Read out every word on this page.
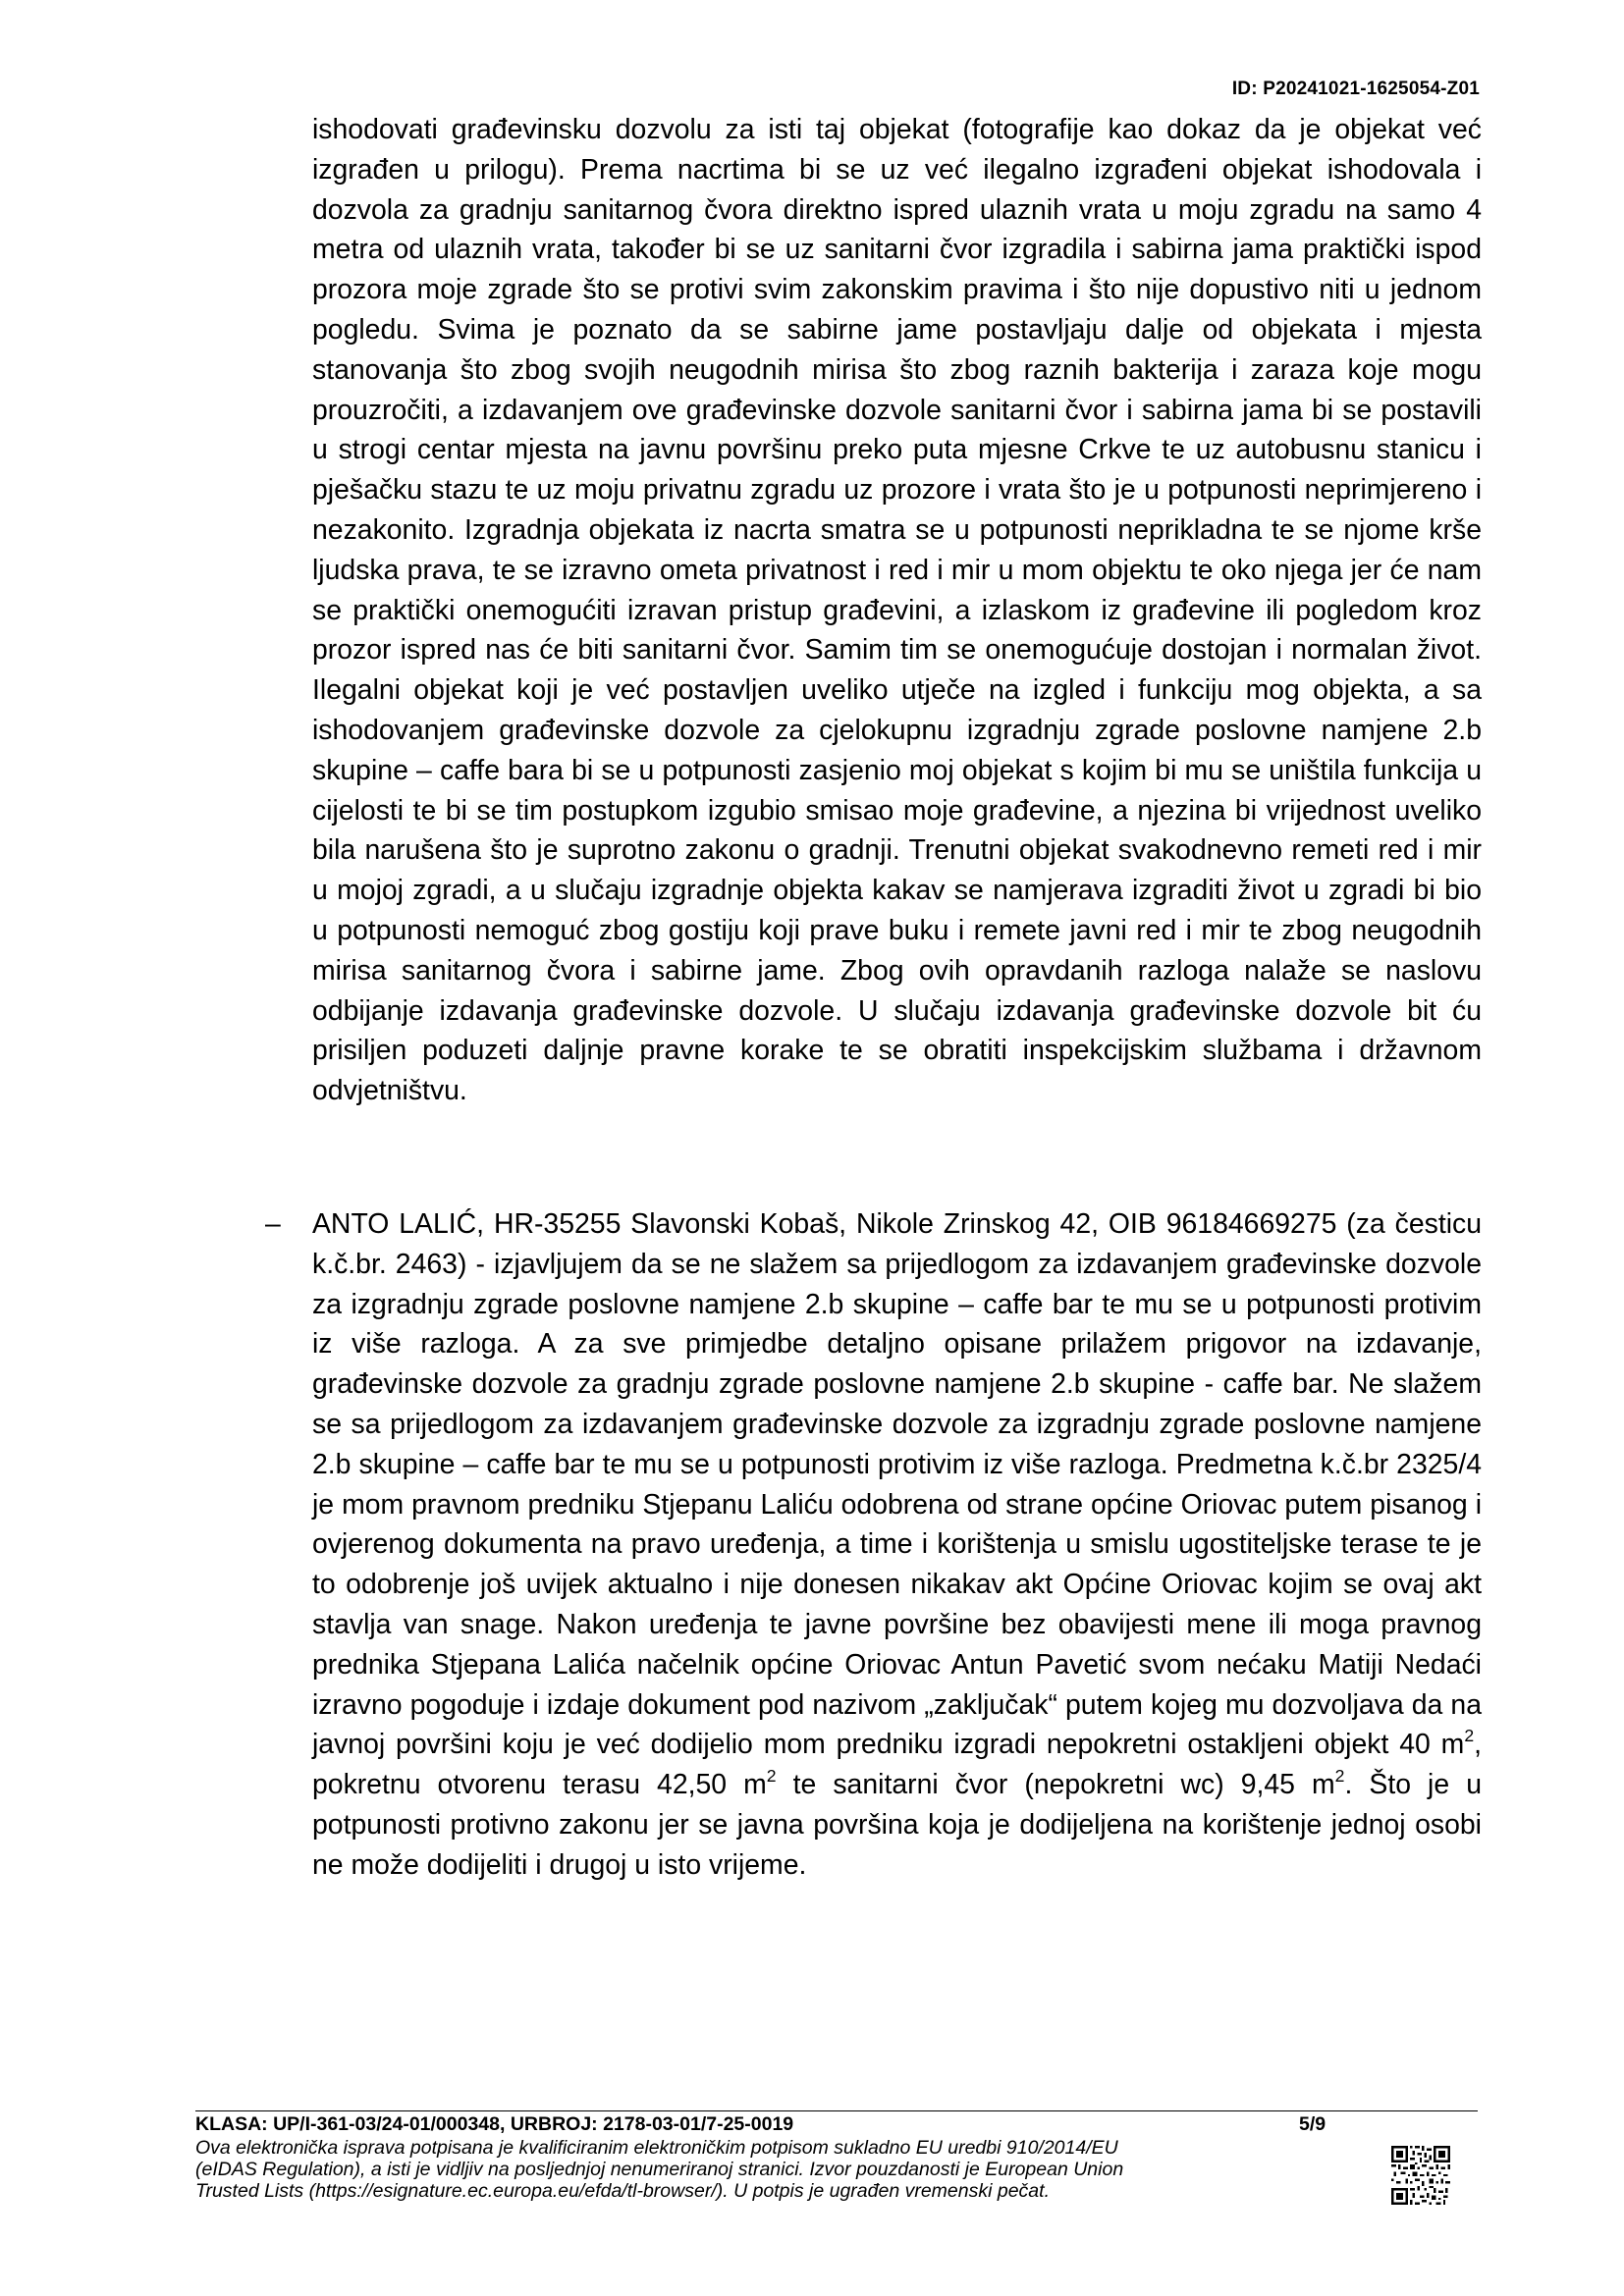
ID: P20241021-1625054-Z01

ishodovati građevinsku dozvolu za isti taj objekat (fotografije kao dokaz da je objekat već izgrađen u prilogu). Prema nacrtima bi se uz već ilegalno izgrađeni objekat ishodovala i dozvola za gradnju sanitarnog čvora direktno ispred ulaznih vrata u moju zgradu na samo 4 metra od ulaznih vrata, također bi se uz sanitarni čvor izgradila i sabirna jama praktički ispod prozora moje zgrade što se protivi svim zakonskim pravima i što nije dopustivo niti u jednom pogledu. Svima je poznato da se sabirne jame postavljaju dalje od objekata i mjesta stanovanja što zbog svojih neugodnih mirisa što zbog raznih bakterija i zaraza koje mogu prouzročiti, a izdavanjem ove građevinske dozvole sanitarni čvor i sabirna jama bi se postavili u strogi centar mjesta na javnu površinu preko puta mjesne Crkve te uz autobusnu stanicu i pješačku stazu te uz moju privatnu zgradu uz prozore i vrata što je u potpunosti neprimjereno i nezakonito. Izgradnja objekata iz nacrta smatra se u potpunosti neprikladna te se njome krše ljudska prava, te se izravno ometa privatnost i red i mir u mom objektu te oko njega jer će nam se praktički onemogućiti izravan pristup građevini, a izlaskom iz građevine ili pogledom kroz prozor ispred nas će biti sanitarni čvor. Samim tim se onemogućuje dostojan i normalan život. Ilegalni objekat koji je već postavljen uveliko utječe na izgled i funkciju mog objekta, a sa ishodovanjem građevinske dozvole za cjelokupnu izgradnju zgrade poslovne namjene 2.b skupine – caffe bara bi se u potpunosti zasjenio moj objekat s kojim bi mu se uništila funkcija u cijelosti te bi se tim postupkom izgubio smisao moje građevine, a njezina bi vrijednost uveliko bila narušena što je suprotno zakonu o gradnji. Trenutni objekat svakodnevno remeti red i mir u mojoj zgradi, a u slučaju izgradnje objekta kakav se namjerava izgraditi život u zgradi bi bio u potpunosti nemoguć zbog gostiju koji prave buku i remete javni red i mir te zbog neugodnih mirisa sanitarnog čvora i sabirne jame. Zbog ovih opravdanih razloga nalaže se naslovu odbijanje izdavanja građevinske dozvole. U slučaju izdavanja građevinske dozvole bit ću prisiljen poduzeti daljnje pravne korake te se obratiti inspekcijskim službama i državnom odvjetništvu.

–	ANTO LALIĆ, HR-35255 Slavonski Kobaš, Nikole Zrinskog 42, OIB 96184669275 (za česticu k.č.br. 2463) - izjavljujem da se ne slažem sa prijedlogom za izdavanjem građevinske dozvole za izgradnju zgrade poslovne namjene 2.b skupine – caffe bar te mu se u potpunosti protivim iz više razloga. A za sve primjedbe detaljno opisane prilažem prigovor na izdavanje, građevinske dozvole za gradnju zgrade poslovne namjene 2.b skupine - caffe bar. Ne slažem se sa prijedlogom za izdavanjem građevinske dozvole za izgradnju zgrade poslovne namjene 2.b skupine – caffe bar te mu se u potpunosti protivim iz više razloga. Predmetna k.č.br 2325/4 je mom pravnom predniku Stjepanu Laliću odobrena od strane općine Oriovac putem pisanog i ovjerenog dokumenta na pravo uređenja, a time i korištenja u smislu ugostiteljske terase te je to odobrenje još uvijek aktualno i nije donesen nikakav akt Općine Oriovac kojim se ovaj akt stavlja van snage. Nakon uređenja te javne površine bez obavijesti mene ili moga pravnog prednika Stjepana Lalića načelnik općine Oriovac Antun Pavetić svom nećaku Matiji Nedaći izravno pogoduje i izdaje dokument pod nazivom „zaključak“ putem kojeg mu dozvoljava da na javnoj površini koju je već dodijelio mom predniku izgradi nepokretni ostakljeni objekt 40 $m^2$, pokretnu otvorenu terasu 42,50 $m^2$ te sanitarni čvor (nepokretni wc) 9,45 $m^2$. Što je u potpunosti protivno zakonu jer se javna površina koja je dodijeljena na korištenje jednoj osobi ne može dodijeliti i drugoj u isto vrijeme.

KLASA: UP/I-361-03/24-01/000348, URBROJ: 2178-03-01/7-25-0019	5/9

Ova elektronička isprava potpisana je kvalificiranim elektroničkim potpisom sukladno EU uredbi 910/2014/EU

(eIDAS Regulation), a isti je vidljiv na posljednjoj nenumeriranoj stranici. Izvor pouzdanosti je European Union

Trusted Lists (https://esignature.ec.europa.eu/efda/tl-browser/). U potpis je ugrađen vremenski pečat.
